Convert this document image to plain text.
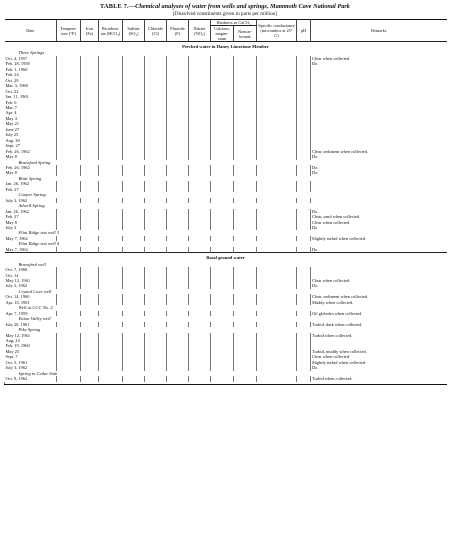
TABLE 7.—Chemical analyses of water from wells and springs, Mammoth Cave National Park
[Dissolved constituents given in parts per million]
Date	Tempera-ture (°F)	Iron (Fe)	Bicarbon-ate (HCO₃)	Sulfate (SO₄)	Chloride (Cl)	Fluoride (F)	Nitrate (NO₃)	Hardness as CaCO₃		Specific conductance (micromhos at 25° C)	pH	Remarks
								Calcium, magne-sium	Noncar-bonate			
Perched water in Haney Limestone Member												
Three Springs												
Oct. 4, 1957												Clear when collected.
Feb. 28, 1958												Do.
Feb. 1, 1960												
Feb. 24												
Oct. 29												
Mar. 3, 1960												
Oct. 22												
Jan. 11, 1961												
Feb. 6												
Mar. 7												
Apr. 4												
May 4												
May 21												
June 27												
July 25												
Aug. 30												
Sept. 27												
Feb. 26, 1962												Clear, sediment when collected.
May 8												Do.
Bransford Spring												
Feb. 26, 1962												Do.
May 8												Do.
Blair Spring												
Jan. 26, 1962												
Feb. 27												
Cooper Spring												
July 3, 1962												
Adwell Spring												
Jan. 26, 1962												Do.
Feb. 27												Clear, sand when collected.
May 8												Clear when collected.
July 3												Do.
Flint Ridge test well 3												
May 7, 1962												Slightly turbid when collected.
Flint Ridge test well 4												
May 7, 1962												Do.
Basal ground water												
Bransford well												
Oct. 7, 1960												
Oct. 14												
May 12, 1961												Clear when collected.
July 3, 1962												Do.
Crystal Cave well												
Oct. 14, 1960												Clear, sediment when collected.
Apr. 10, 1961												Muddy when collected.
Well at CCC No. 2												
Apr. 7, 1959												Oil globules when collected.
Eaton Valley well												
July 20, 1961												Turbid, dark when collected.
Pike Spring												
May 12, 1961												Turbid when collected.
Aug. 14												
Feb. 19, 1960												
May 25												Turbid, muddy when collected.
Sept. 7												Clear when collected.
Oct. 5, 1961												Slightly turbid when collected.
July 3, 1962												Do.
Spring in Cedar Sink												
Oct. 9, 1962												Turbid when collected.
